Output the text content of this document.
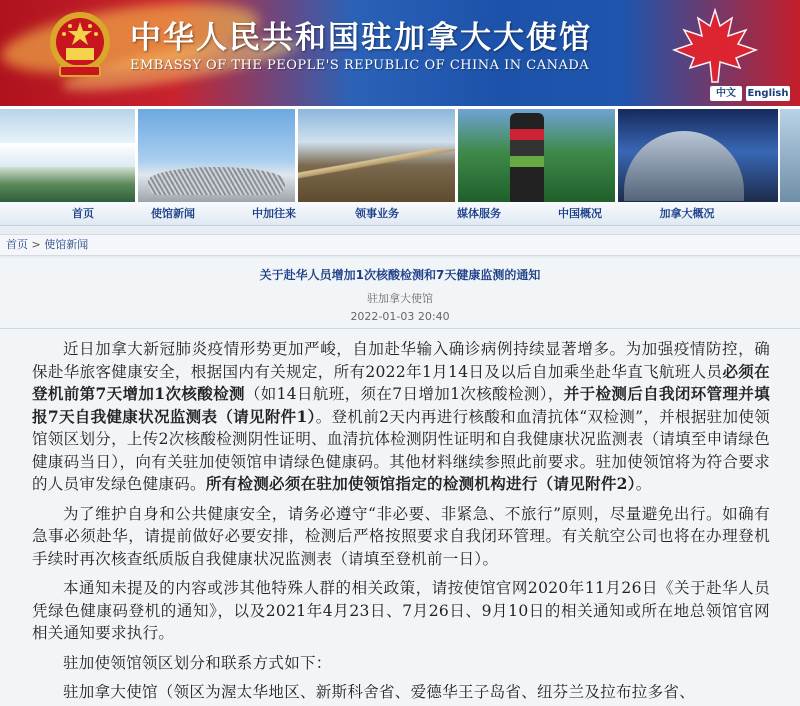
中华人民共和国驻加拿大大使馆
EMBASSY OF THE PEOPLE'S REPUBLIC OF CHINA IN CANADA
中文	English
首页	使馆新闻	中加往来	领事业务	媒体服务	中国概况	加拿大概况
首页 > 使馆新闻
关于赴华人员增加1次核酸检测和7天健康监测的通知
驻加拿大使馆
2022-01-03 20:40

近日加拿大新冠肺炎疫情形势更加严峻，自加赴华输入确诊病例持续显著增多。为加强疫情防控，确保赴华旅客健康安全，根据国内有关规定，所有2022年1月14日及以后自加乘坐赴华直飞航班人员必须在登机前第7天增加1次核酸检测（如14日航班，须在7日增加1次核酸检测），并于检测后自我闭环管理并填报7天自我健康状况监测表（请见附件1）。登机前2天内再进行核酸和血清抗体“双检测”，并根据驻加使领馆领区划分，上传2次核酸检测阴性证明、血清抗体检测阴性证明和自我健康状况监测表（请填至申请绿色健康码当日），向有关驻加使领馆申请绿色健康码。其他材料继续参照此前要求。驻加使领馆将为符合要求的人员审发绿色健康码。所有检测必须在驻加使领馆指定的检测机构进行（请见附件2）。

为了维护自身和公共健康安全，请务必遵守“非必要、非紧急、不旅行”原则，尽量避免出行。如确有急事必须赴华，请提前做好必要安排，检测后严格按照要求自我闭环管理。有关航空公司也将在办理登机手续时再次核查纸质版自我健康状况监测表（请填至登机前一日）。

本通知未提及的内容或涉其他特殊人群的相关政策，请按使馆官网2020年11月26日《关于赴华人员凭绿色健康码登机的通知》，以及2021年4月23日、7月26日、9月10日的相关通知或所在地总领馆官网相关通知要求执行。

驻加使领馆领区划分和联系方式如下：

驻加拿大使馆（领区为渥太华地区、新斯科舍省、爱德华王子岛省、纽芬兰及拉布拉多省、
